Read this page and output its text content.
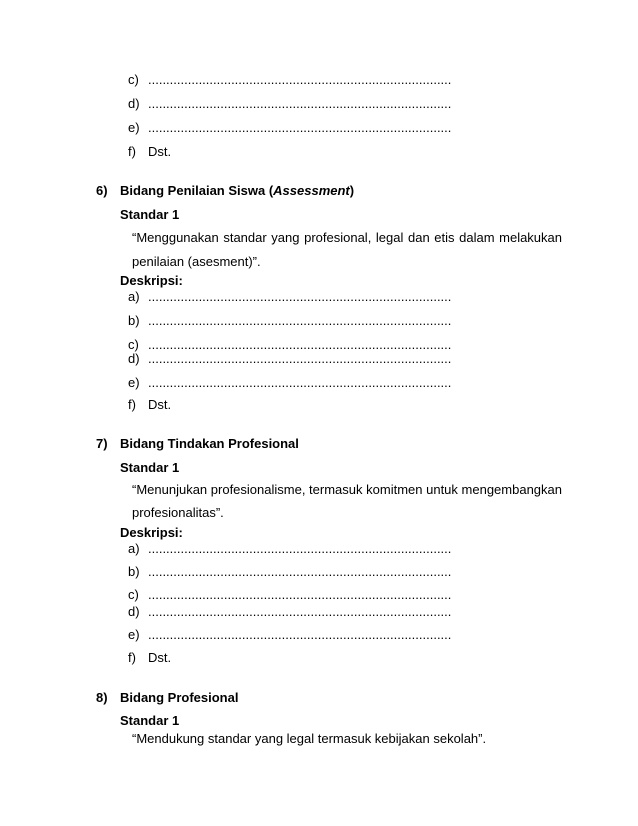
c) ....................................................................................
d) ....................................................................................
e) ....................................................................................
f) Dst.
6) Bidang Penilaian Siswa (Assessment)
Standar 1
“Menggunakan standar yang profesional, legal dan etis dalam melakukan
penilaian (asesment)”.
Deskripsi:
a) ....................................................................................
b) ....................................................................................
c) ....................................................................................
d) ....................................................................................
e) ....................................................................................
f) Dst.
7) Bidang Tindakan Profesional
Standar 1
“Menunjukan profesionalisme, termasuk komitmen untuk mengembangkan
profesionalitas”.
Deskripsi:
a) ....................................................................................
b) ....................................................................................
c) ....................................................................................
d) ....................................................................................
e) ....................................................................................
f) Dst.
8) Bidang Profesional
Standar 1
“Mendukung standar yang legal termasuk kebijakan sekolah”.
